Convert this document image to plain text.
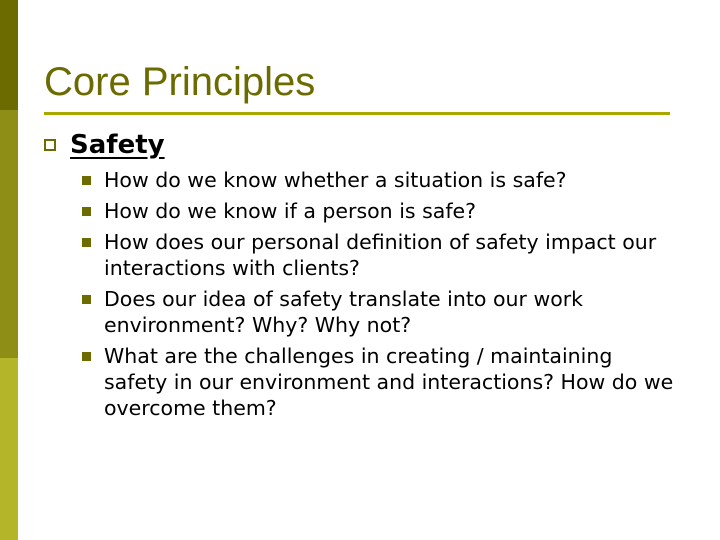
Core Principles
Safety
How do we know whether a situation is safe?
How do we know if a person is safe?
How does our personal definition of safety impact our interactions with clients?
Does our idea of safety translate into our work environment? Why? Why not?
What are the challenges in creating / maintaining safety in our environment and interactions? How do we overcome them?
